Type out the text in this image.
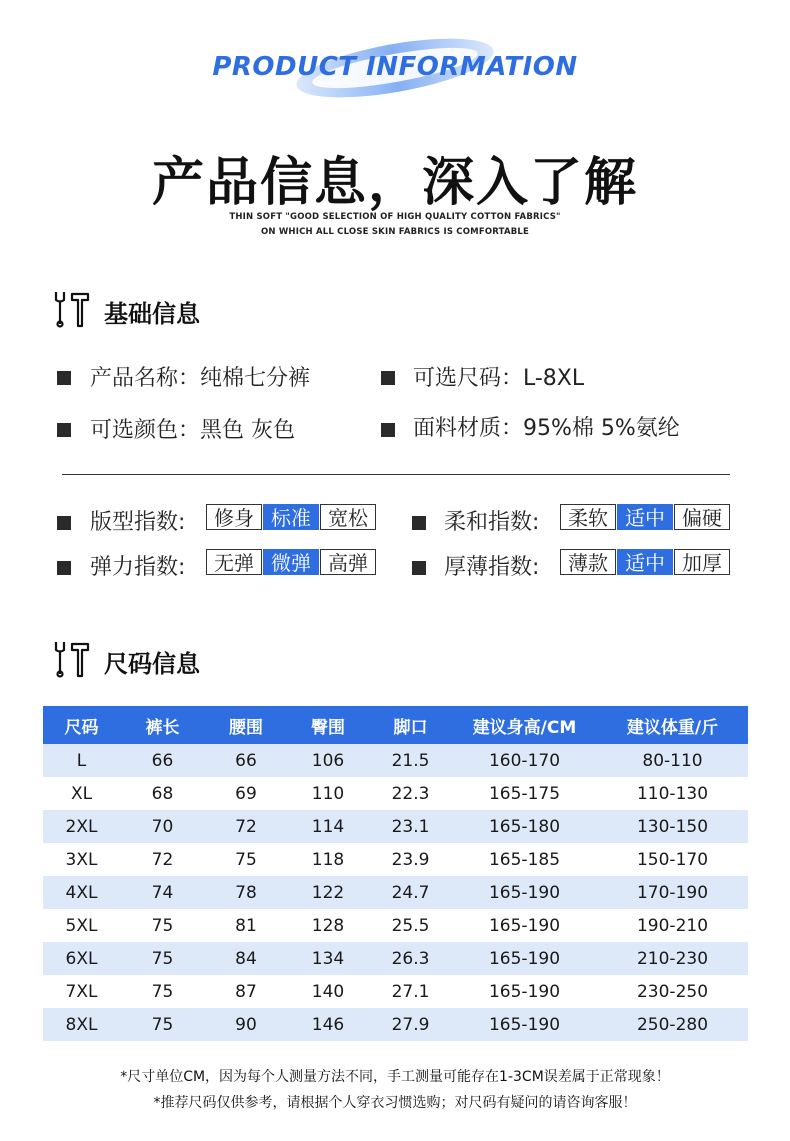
PRODUCT INFORMATION
产品信息，深入了解
THIN SOFT "GOOD SELECTION OF HIGH QUALITY COTTON FABRICS"
ON WHICH ALL CLOSE SKIN FABRICS IS COMFORTABLE
基础信息
产品名称：纯棉七分裤	可选尺码：L-8XL
可选颜色：黑色 灰色	面料材质：95%棉 5%氨纶
版型指数:	修身 标准 宽松	柔和指数:	柔软 适中 偏硬
弹力指数:	无弹 微弹 高弹	厚薄指数:	薄款 适中 加厚
尺码信息
尺码	裤长	腰围	臀围	脚口	建议身高/CM	建议体重/斤
L	66	66	106	21.5	160-170	80-110
XL	68	69	110	22.3	165-175	110-130
2XL	70	72	114	23.1	165-180	130-150
3XL	72	75	118	23.9	165-185	150-170
4XL	74	78	122	24.7	165-190	170-190
5XL	75	81	128	25.5	165-190	190-210
6XL	75	84	134	26.3	165-190	210-230
7XL	75	87	140	27.1	165-190	230-250
8XL	75	90	146	27.9	165-190	250-280
*尺寸单位CM，因为每个人测量方法不同，手工测量可能存在1-3CM误差属于正常现象！
*推荐尺码仅供参考，请根据个人穿衣习惯选购；对尺码有疑问的请咨询客服！
